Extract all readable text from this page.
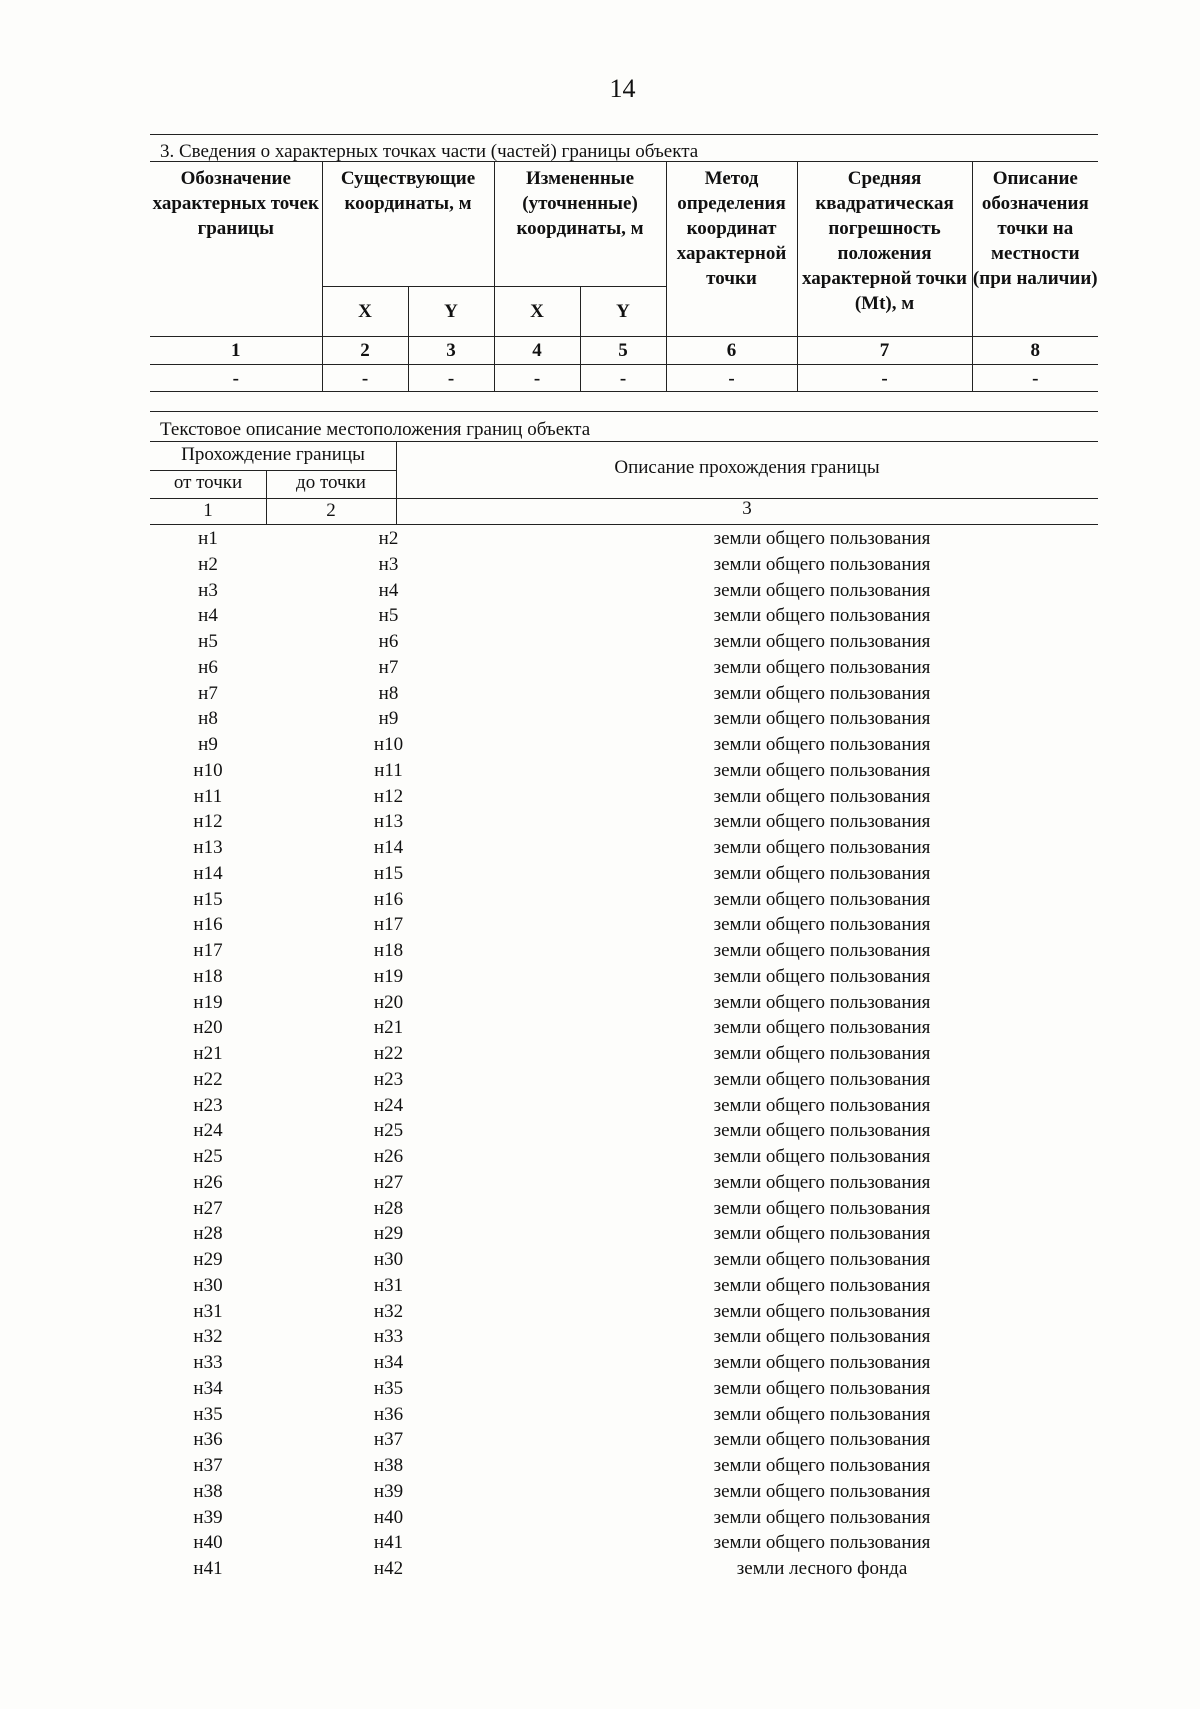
14
3. Сведения о характерных точках части (частей) границы объекта
Обозначение характерных точек границы	Существующие координаты, м		Измененные (уточненные) координаты, м		Метод определения координат характерной точки	Средняя квадратическая погрешность положения характерной точки (Mt), м	Описание обозначения точки на местности (при наличии)
	X	Y	X	Y			
1	2	3	4	5	6	7	8
-	-	-	-	-	-	-	-
Текстовое описание местоположения границ объекта
Прохождение границы
от точки	до точки
Описание прохождения границы
1	2	3
н1	н2	земли общего пользования
н2	н3	земли общего пользования
н3	н4	земли общего пользования
н4	н5	земли общего пользования
н5	н6	земли общего пользования
н6	н7	земли общего пользования
н7	н8	земли общего пользования
н8	н9	земли общего пользования
н9	н10	земли общего пользования
н10	н11	земли общего пользования
н11	н12	земли общего пользования
н12	н13	земли общего пользования
н13	н14	земли общего пользования
н14	н15	земли общего пользования
н15	н16	земли общего пользования
н16	н17	земли общего пользования
н17	н18	земли общего пользования
н18	н19	земли общего пользования
н19	н20	земли общего пользования
н20	н21	земли общего пользования
н21	н22	земли общего пользования
н22	н23	земли общего пользования
н23	н24	земли общего пользования
н24	н25	земли общего пользования
н25	н26	земли общего пользования
н26	н27	земли общего пользования
н27	н28	земли общего пользования
н28	н29	земли общего пользования
н29	н30	земли общего пользования
н30	н31	земли общего пользования
н31	н32	земли общего пользования
н32	н33	земли общего пользования
н33	н34	земли общего пользования
н34	н35	земли общего пользования
н35	н36	земли общего пользования
н36	н37	земли общего пользования
н37	н38	земли общего пользования
н38	н39	земли общего пользования
н39	н40	земли общего пользования
н40	н41	земли общего пользования
н41	н42	земли лесного фонда
